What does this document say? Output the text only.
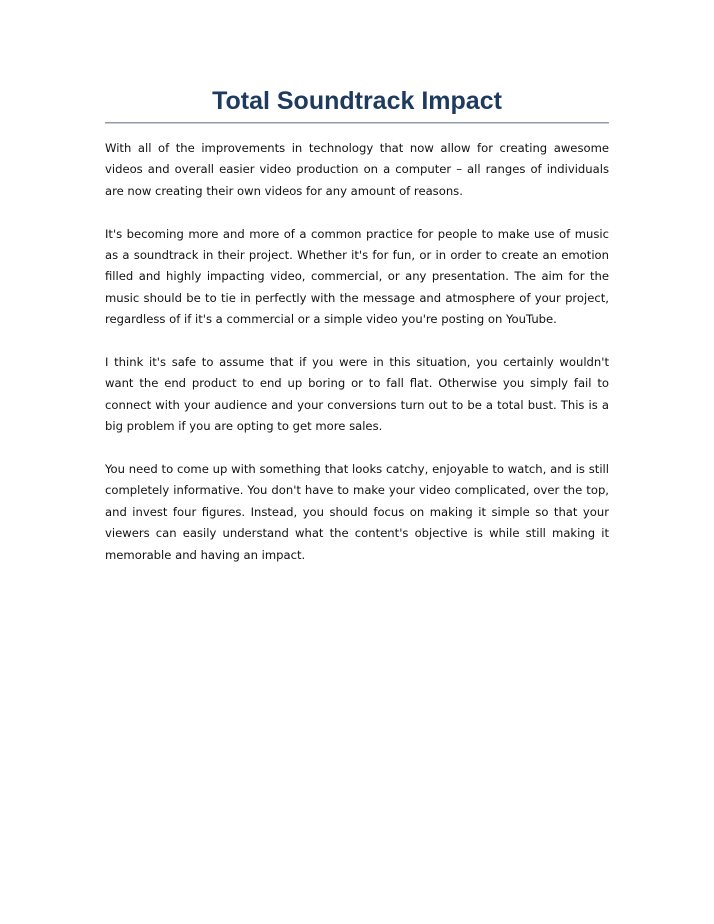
Total Soundtrack Impact

With all of the improvements in technology that now allow for creating awesome videos and overall easier video production on a computer – all ranges of individuals are now creating their own videos for any amount of reasons.

It's becoming more and more of a common practice for people to make use of music as a soundtrack in their project. Whether it's for fun, or in order to create an emotion filled and highly impacting video, commercial, or any presentation. The aim for the music should be to tie in perfectly with the message and atmosphere of your project, regardless of if it's a commercial or a simple video you're posting on YouTube.

I think it's safe to assume that if you were in this situation, you certainly wouldn't want the end product to end up boring or to fall flat. Otherwise you simply fail to connect with your audience and your conversions turn out to be a total bust. This is a big problem if you are opting to get more sales.

You need to come up with something that looks catchy, enjoyable to watch, and is still completely informative. You don't have to make your video complicated, over the top, and invest four figures. Instead, you should focus on making it simple so that your viewers can easily understand what the content's objective is while still making it memorable and having an impact.
